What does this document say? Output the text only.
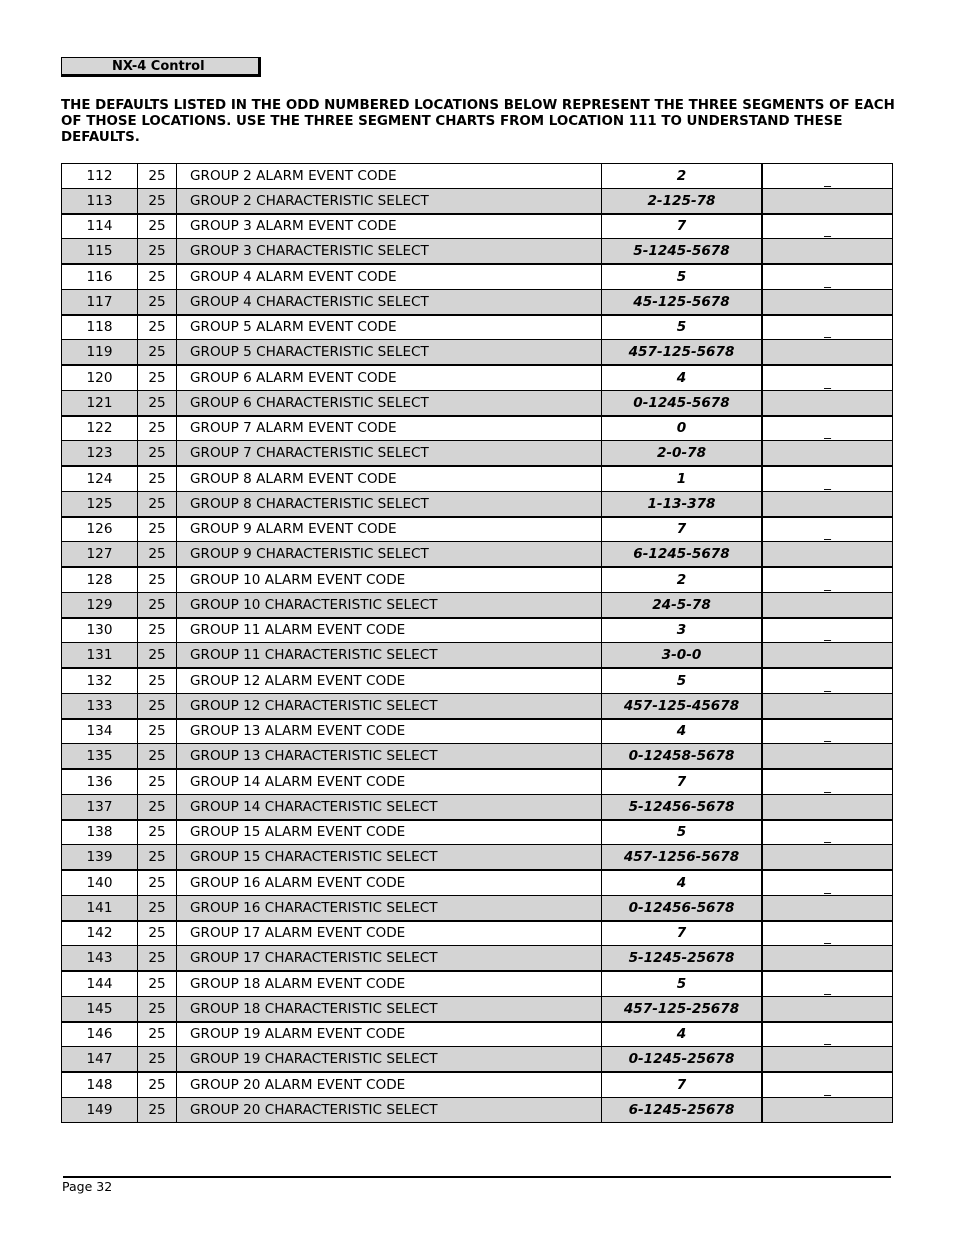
NX-4 Control

THE DEFAULTS LISTED IN THE ODD NUMBERED LOCATIONS BELOW REPRESENT THE THREE SEGMENTS OF EACH OF THOSE LOCATIONS. USE THE THREE SEGMENT CHARTS FROM LOCATION 111 TO UNDERSTAND THESE DEFAULTS.

112	25	GROUP 2 ALARM EVENT CODE	2	_
113	25	GROUP 2 CHARACTERISTIC SELECT	2-125-78	
114	25	GROUP 3 ALARM EVENT CODE	7	_
115	25	GROUP 3 CHARACTERISTIC SELECT	5-1245-5678	
116	25	GROUP 4 ALARM EVENT CODE	5	_
117	25	GROUP 4 CHARACTERISTIC SELECT	45-125-5678	
118	25	GROUP 5 ALARM EVENT CODE	5	_
119	25	GROUP 5 CHARACTERISTIC SELECT	457-125-5678	
120	25	GROUP 6 ALARM EVENT CODE	4	_
121	25	GROUP 6 CHARACTERISTIC SELECT	0-1245-5678	
122	25	GROUP 7 ALARM EVENT CODE	0	_
123	25	GROUP 7 CHARACTERISTIC SELECT	2-0-78	
124	25	GROUP 8 ALARM EVENT CODE	1	_
125	25	GROUP 8 CHARACTERISTIC SELECT	1-13-378	
126	25	GROUP 9 ALARM EVENT CODE	7	_
127	25	GROUP 9 CHARACTERISTIC SELECT	6-1245-5678	
128	25	GROUP 10 ALARM EVENT CODE	2	_
129	25	GROUP 10 CHARACTERISTIC SELECT	24-5-78	
130	25	GROUP 11 ALARM EVENT CODE	3	_
131	25	GROUP 11 CHARACTERISTIC SELECT	3-0-0	
132	25	GROUP 12 ALARM EVENT CODE	5	_
133	25	GROUP 12 CHARACTERISTIC SELECT	457-125-45678	
134	25	GROUP 13 ALARM EVENT CODE	4	_
135	25	GROUP 13 CHARACTERISTIC SELECT	0-12458-5678	
136	25	GROUP 14 ALARM EVENT CODE	7	_
137	25	GROUP 14 CHARACTERISTIC SELECT	5-12456-5678	
138	25	GROUP 15 ALARM EVENT CODE	5	_
139	25	GROUP 15 CHARACTERISTIC SELECT	457-1256-5678	
140	25	GROUP 16 ALARM EVENT CODE	4	_
141	25	GROUP 16 CHARACTERISTIC SELECT	0-12456-5678	
142	25	GROUP 17 ALARM EVENT CODE	7	_
143	25	GROUP 17 CHARACTERISTIC SELECT	5-1245-25678	
144	25	GROUP 18 ALARM EVENT CODE	5	_
145	25	GROUP 18 CHARACTERISTIC SELECT	457-125-25678	
146	25	GROUP 19 ALARM EVENT CODE	4	_
147	25	GROUP 19 CHARACTERISTIC SELECT	0-1245-25678	
148	25	GROUP 20 ALARM EVENT CODE	7	_
149	25	GROUP 20 CHARACTERISTIC SELECT	6-1245-25678	
Page 32
